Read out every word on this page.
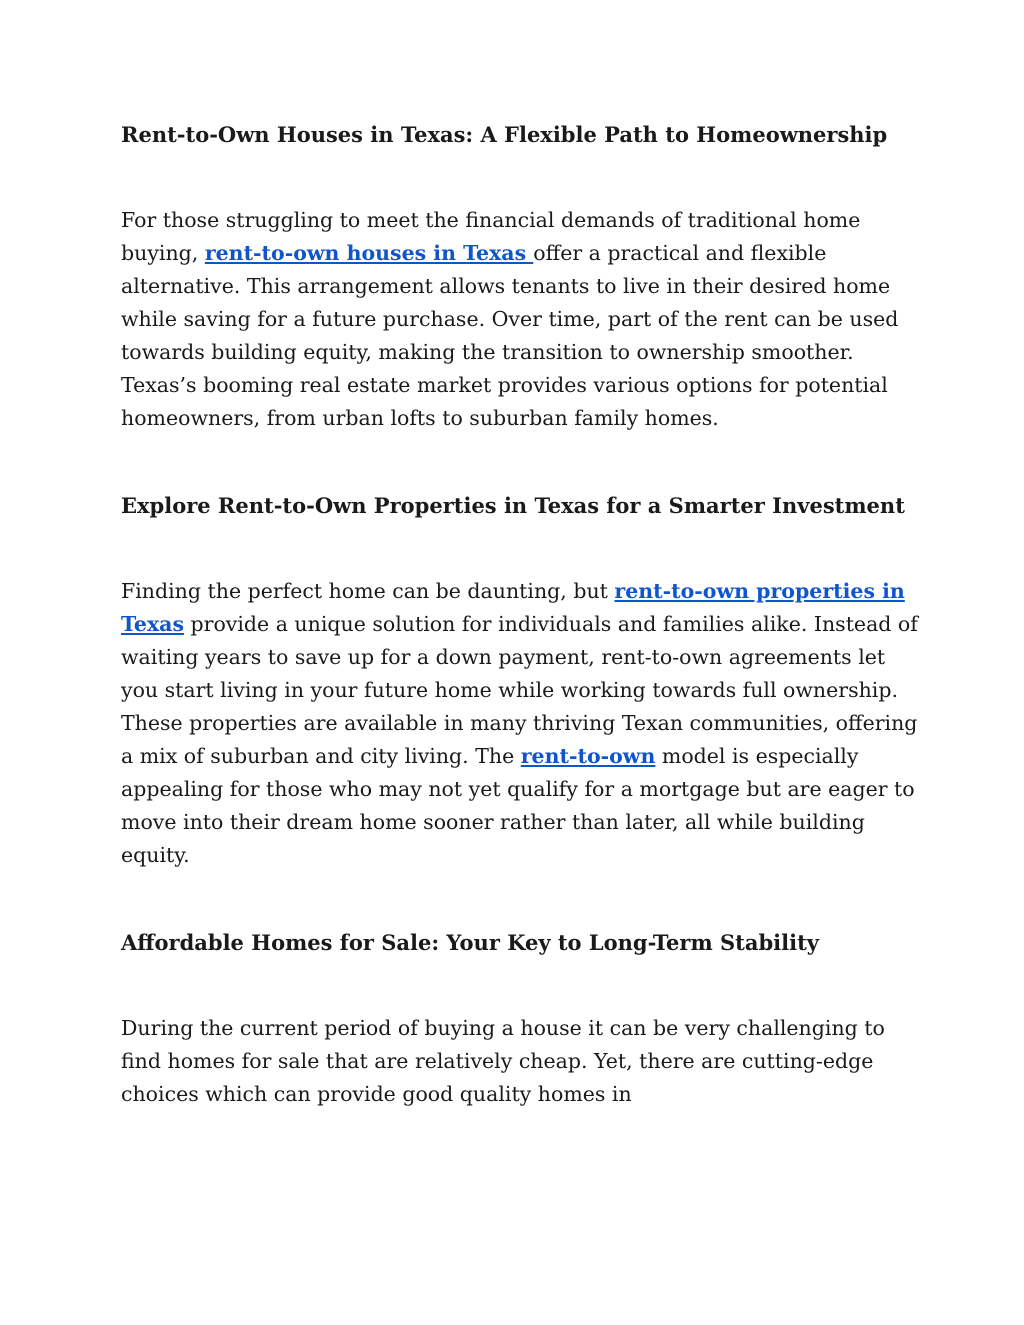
Rent-to-Own Houses in Texas: A Flexible Path to Homeownership

For those struggling to meet the financial demands of traditional home buying, rent-to-own houses in Texas offer a practical and flexible alternative. This arrangement allows tenants to live in their desired home while saving for a future purchase. Over time, part of the rent can be used towards building equity, making the transition to ownership smoother. Texas’s booming real estate market provides various options for potential homeowners, from urban lofts to suburban family homes.

Explore Rent-to-Own Properties in Texas for a Smarter Investment

Finding the perfect home can be daunting, but rent-to-own properties in Texas provide a unique solution for individuals and families alike. Instead of waiting years to save up for a down payment, rent-to-own agreements let you start living in your future home while working towards full ownership. These properties are available in many thriving Texan communities, offering a mix of suburban and city living. The rent-to-own model is especially appealing for those who may not yet qualify for a mortgage but are eager to move into their dream home sooner rather than later, all while building equity.

Affordable Homes for Sale: Your Key to Long-Term Stability

During the current period of buying a house it can be very challenging to find homes for sale that are relatively cheap. Yet, there are cutting-edge choices which can provide good quality homes in
